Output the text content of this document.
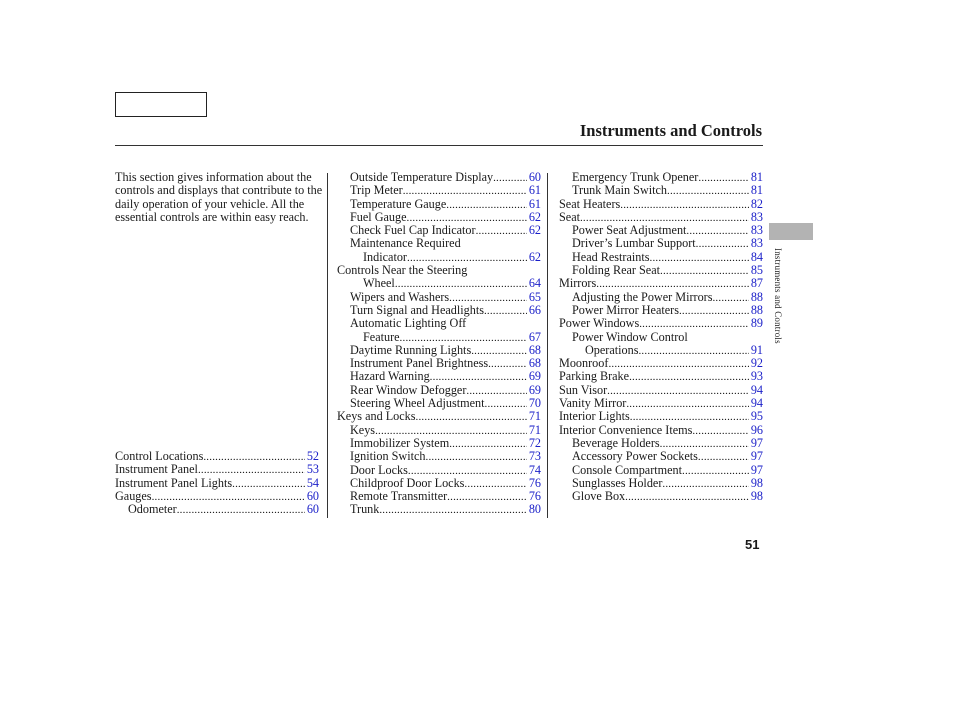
Instruments and Controls
Instruments and Controls

This section gives information about the controls and displays that contribute to the daily operation of your vehicle. All the essential controls are within easy reach.

Control Locations .....	52
Instrument Panel .....	53
Instrument Panel Lights .....	54
Gauges .....	60
Odometer .....	60
Outside Temperature Display .....	60
Trip Meter .....	61
Temperature Gauge .....	61
Fuel Gauge .....	62
Check Fuel Cap Indicator .....	62
Maintenance Required
Indicator .....	62
Controls Near the Steering
Wheel .....	64
Wipers and Washers .....	65
Turn Signal and Headlights .....	66
Automatic Lighting Off
Feature .....	67
Daytime Running Lights .....	68
Instrument Panel Brightness .....	68
Hazard Warning .....	69
Rear Window Defogger .....	69
Steering Wheel Adjustment .....	70
Keys and Locks .....	71
Keys .....	71
Immobilizer System .....	72
Ignition Switch .....	73
Door Locks .....	74
Childproof Door Locks .....	76
Remote Transmitter .....	76
Trunk .....	80
Emergency Trunk Opener .....	81
Trunk Main Switch .....	81
Seat Heaters .....	82
Seat .....	83
Power Seat Adjustment .....	83
Driver’s Lumbar Support .....	83
Head Restraints .....	84
Folding Rear Seat .....	85
Mirrors .....	87
Adjusting the Power Mirrors .....	88
Power Mirror Heaters .....	88
Power Windows .....	89
Power Window Control
Operations .....	91
Moonroof .....	92
Parking Brake .....	93
Sun Visor .....	94
Vanity Mirror .....	94
Interior Lights .....	95
Interior Convenience Items .....	96
Beverage Holders .....	97
Accessory Power Sockets .....	97
Console Compartment .....	97
Sunglasses Holder .....	98
Glove Box .....	98
51
